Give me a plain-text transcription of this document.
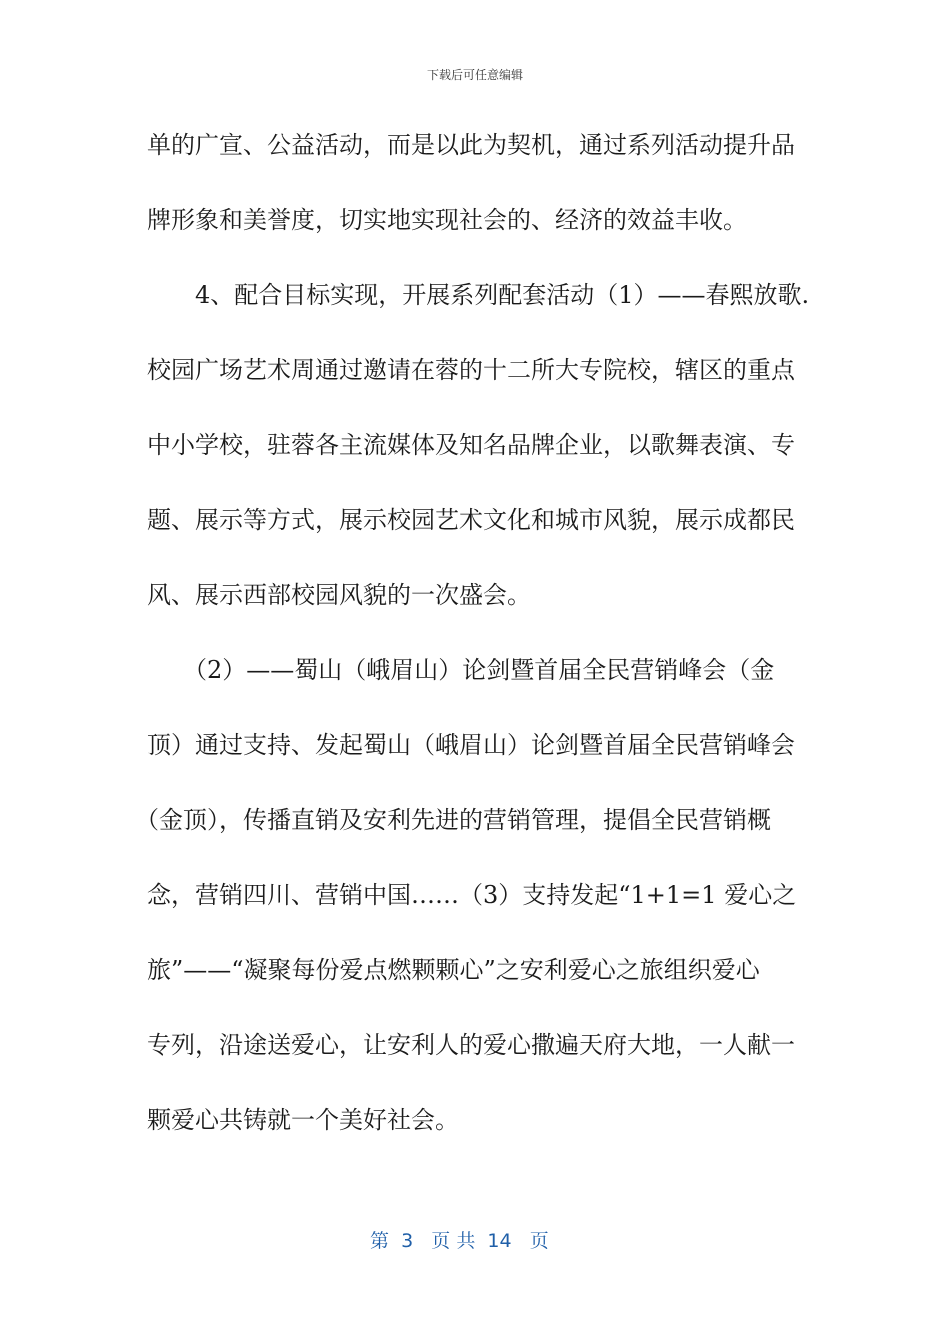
下载后可任意编辑
单的广宣、公益活动，而是以此为契机，通过系列活动提升品
牌形象和美誉度，切实地实现社会的、经济的效益丰收。
4、配合目标实现，开展系列配套活动（1）——春熙放歌.
校园广场艺术周通过邀请在蓉的十二所大专院校，辖区的重点
中小学校，驻蓉各主流媒体及知名品牌企业，以歌舞表演、专
题、展示等方式，展示校园艺术文化和城市风貌，展示成都民
风、展示西部校园风貌的一次盛会。
（2）——蜀山（峨眉山）论剑暨首届全民营销峰会（金
顶）通过支持、发起蜀山（峨眉山）论剑暨首届全民营销峰会
（金顶），传播直销及安利先进的营销管理，提倡全民营销概
念，营销四川、营销中国……（3）支持发起“1+1=1 爱心之
旅”——“凝聚每份爱点燃颗颗心”之安利爱心之旅组织爱心
专列，沿途送爱心，让安利人的爱心撒遍天府大地，一人献一
颗爱心共铸就一个美好社会。
第  3   页 共  14   页
